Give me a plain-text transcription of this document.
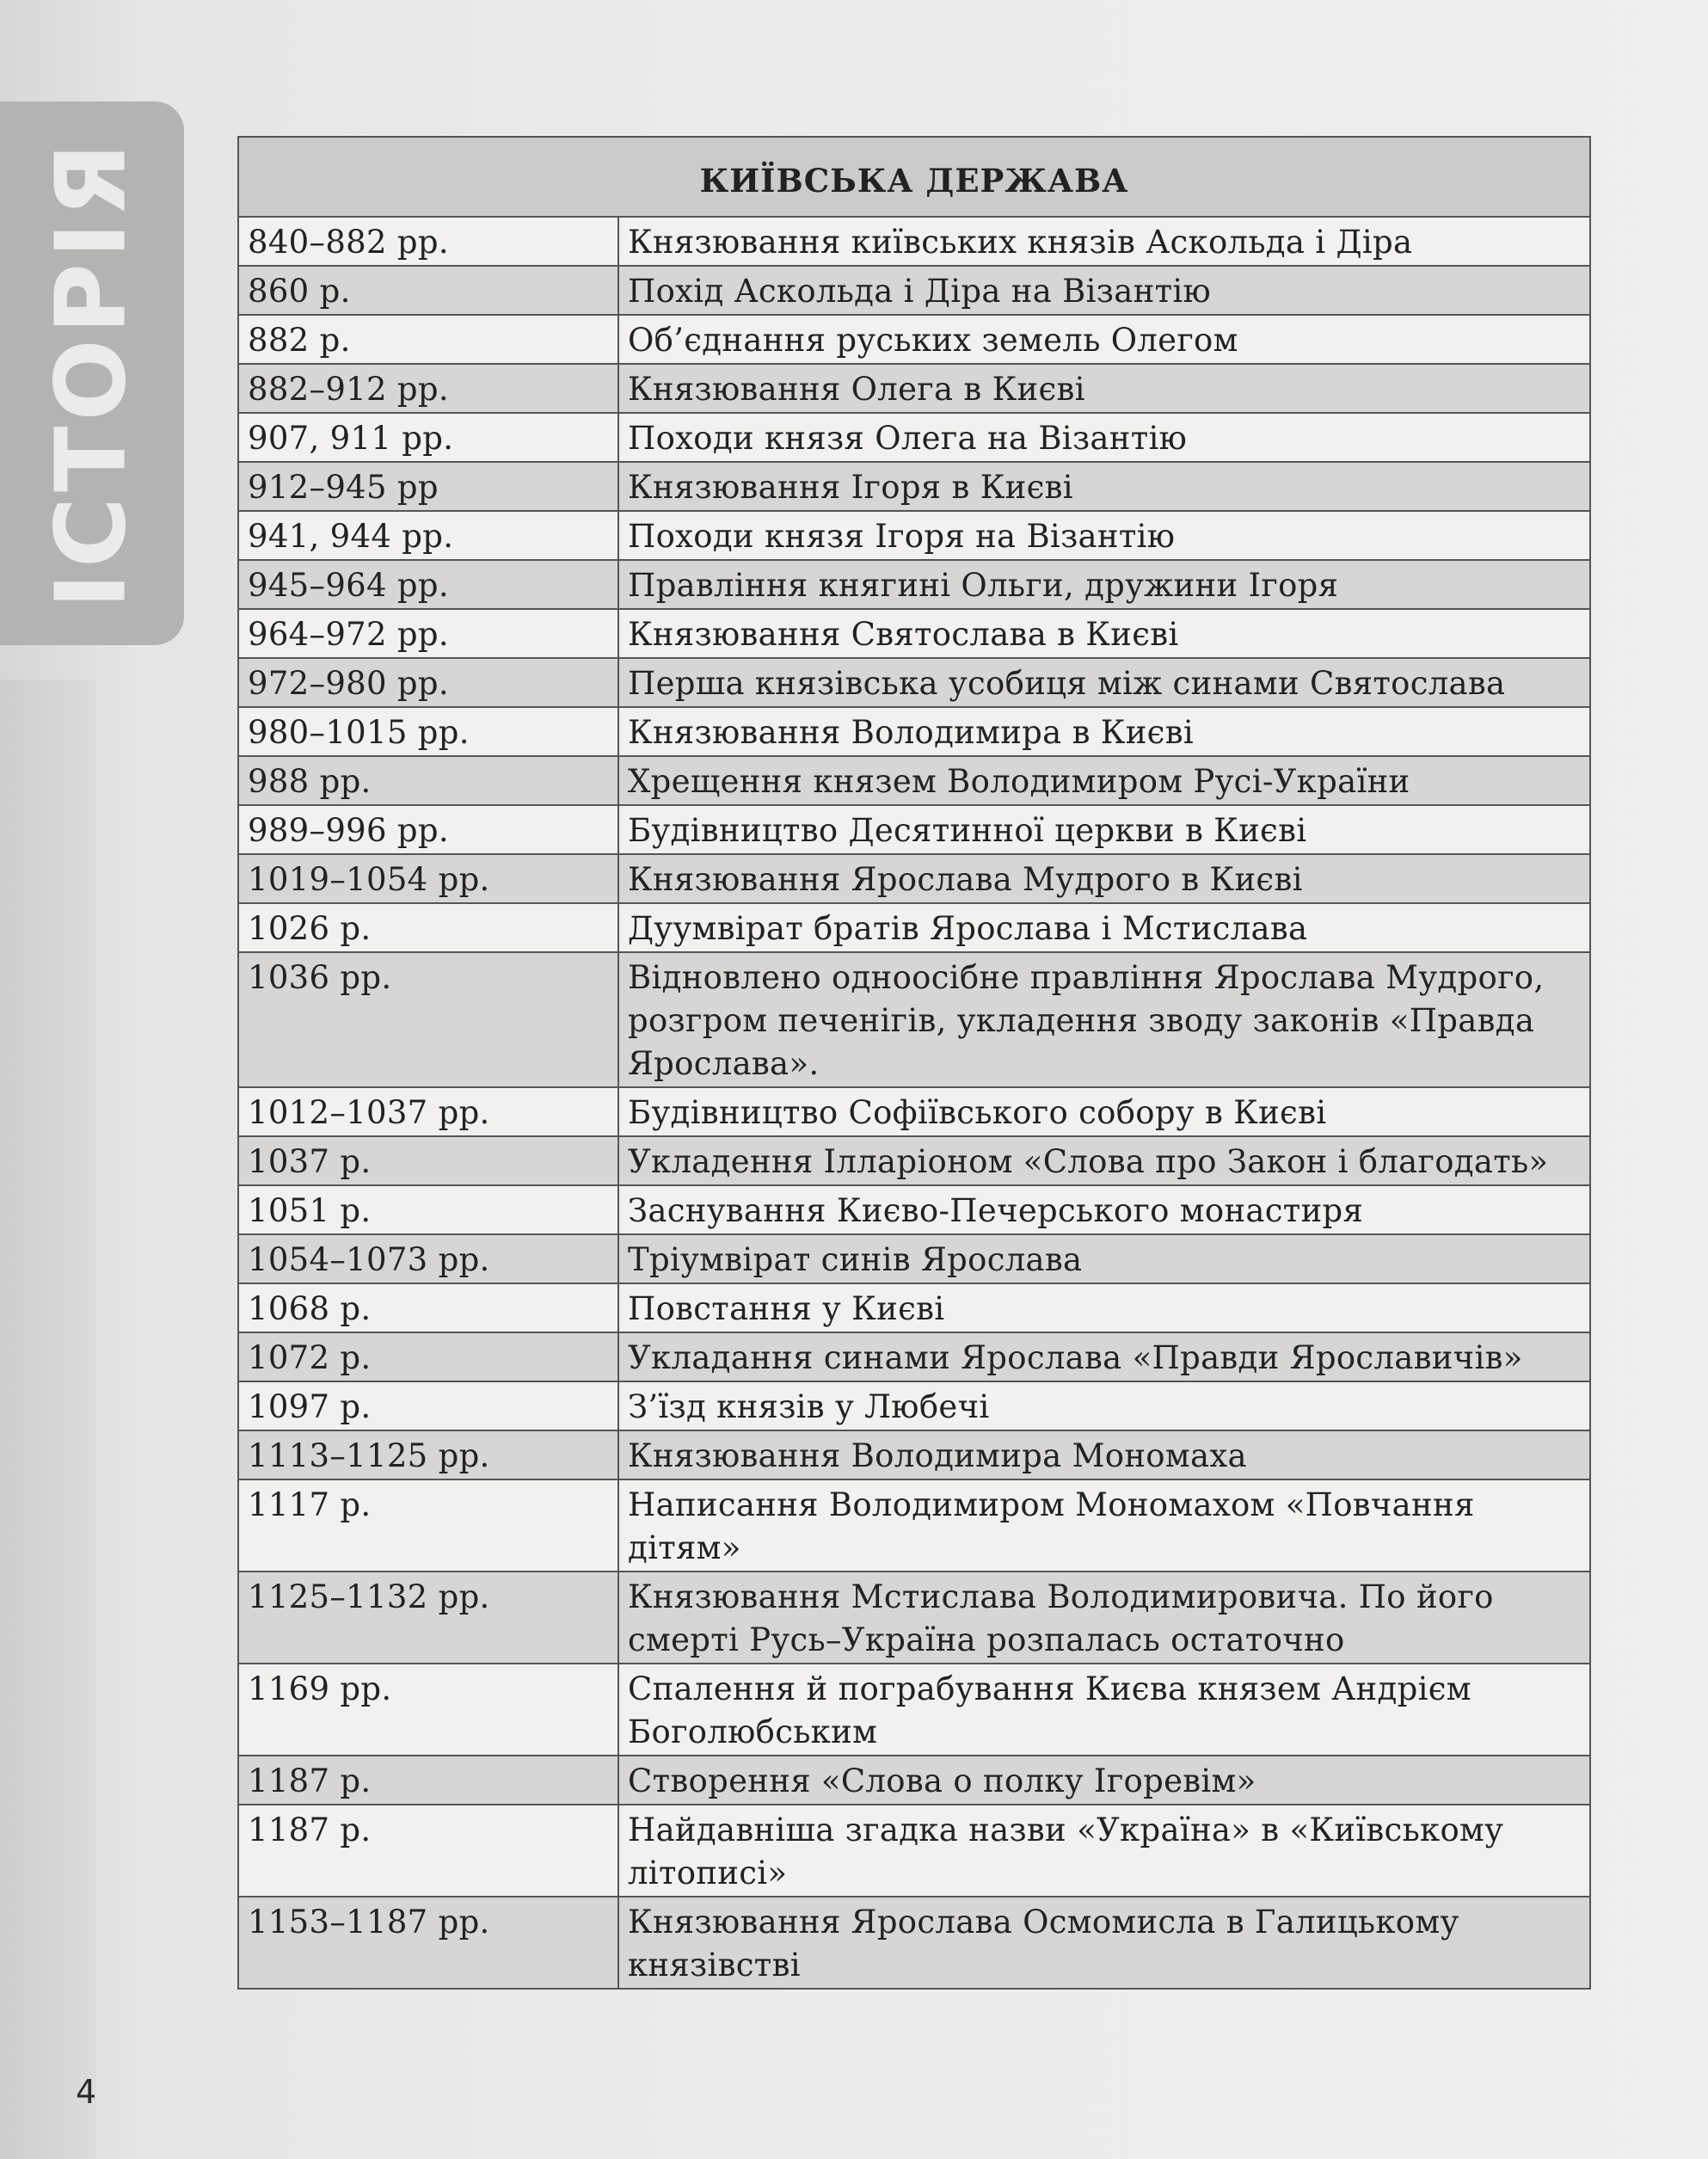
ІСТОРІЯ	КИЇВСЬКА ДЕРЖАВА	
840–882 рр.	Князювання київських князів Аскольда і Діра
860 р.	Похід Аскольда і Діра на Візантію
882 р.	Об’єднання руських земель Олегом
882–912 рр.	Князювання Олега в Києві
907, 911 рр.	Походи князя Олега на Візантію
912–945 рр	Князювання Ігоря в Києві
941, 944 рр.	Походи князя Ігоря на Візантію
945–964 рр.	Правління княгині Ольги, дружини Ігоря
964–972 рр.	Князювання Святослава в Києві
972–980 рр.	Перша князівська усобиця між синами Святослава
980–1015 рр.	Князювання Володимира в Києві
988 рр.	Хрещення князем Володимиром Русі-України
989–996 рр.	Будівництво Десятинної церкви в Києві
1019–1054 рр.	Князювання Ярослава Мудрого в Києві
1026 р.	Дуумвірат братів Ярослава і Мстислава
1036 рр.	Відновлено одноосібне правління Ярослава Мудрого, розгром печенігів, укладення зводу законів «Правда Ярослава».
1012–1037 рр.	Будівництво Софіївського собору в Києві
1037 р.	Укладення Іллаpіоном «Слова про Закон і благодать»
1051 р.	Заснування Києво-Печерського монастиря
1054–1073 рр.	Тріумвірат синів Ярослава
1068 р.	Повстання у Києві
1072 р.	Укладання синами Ярослава «Правди Ярославичів»
1097 р.	З’їзд князів у Любечі
1113–1125 рр.	Князювання Володимира Мономаха
1117 р.	Написання Володимиром Мономахом «Повчання дітям»
1125–1132 рр.	Князювання Мстислава Володимировича. По його смерті Русь–Україна розпалась остаточно
1169 рр.	Спалення й пограбування Києва князем Андрієм Боголюбським
1187 р.	Створення «Слова о полку Ігоревім»
1187 р.	Найдавніша згадка назви «Україна» в «Київському літописі»
1153–1187 рр.	Князювання Ярослава Осмомисла в Галицькому князівстві
4
